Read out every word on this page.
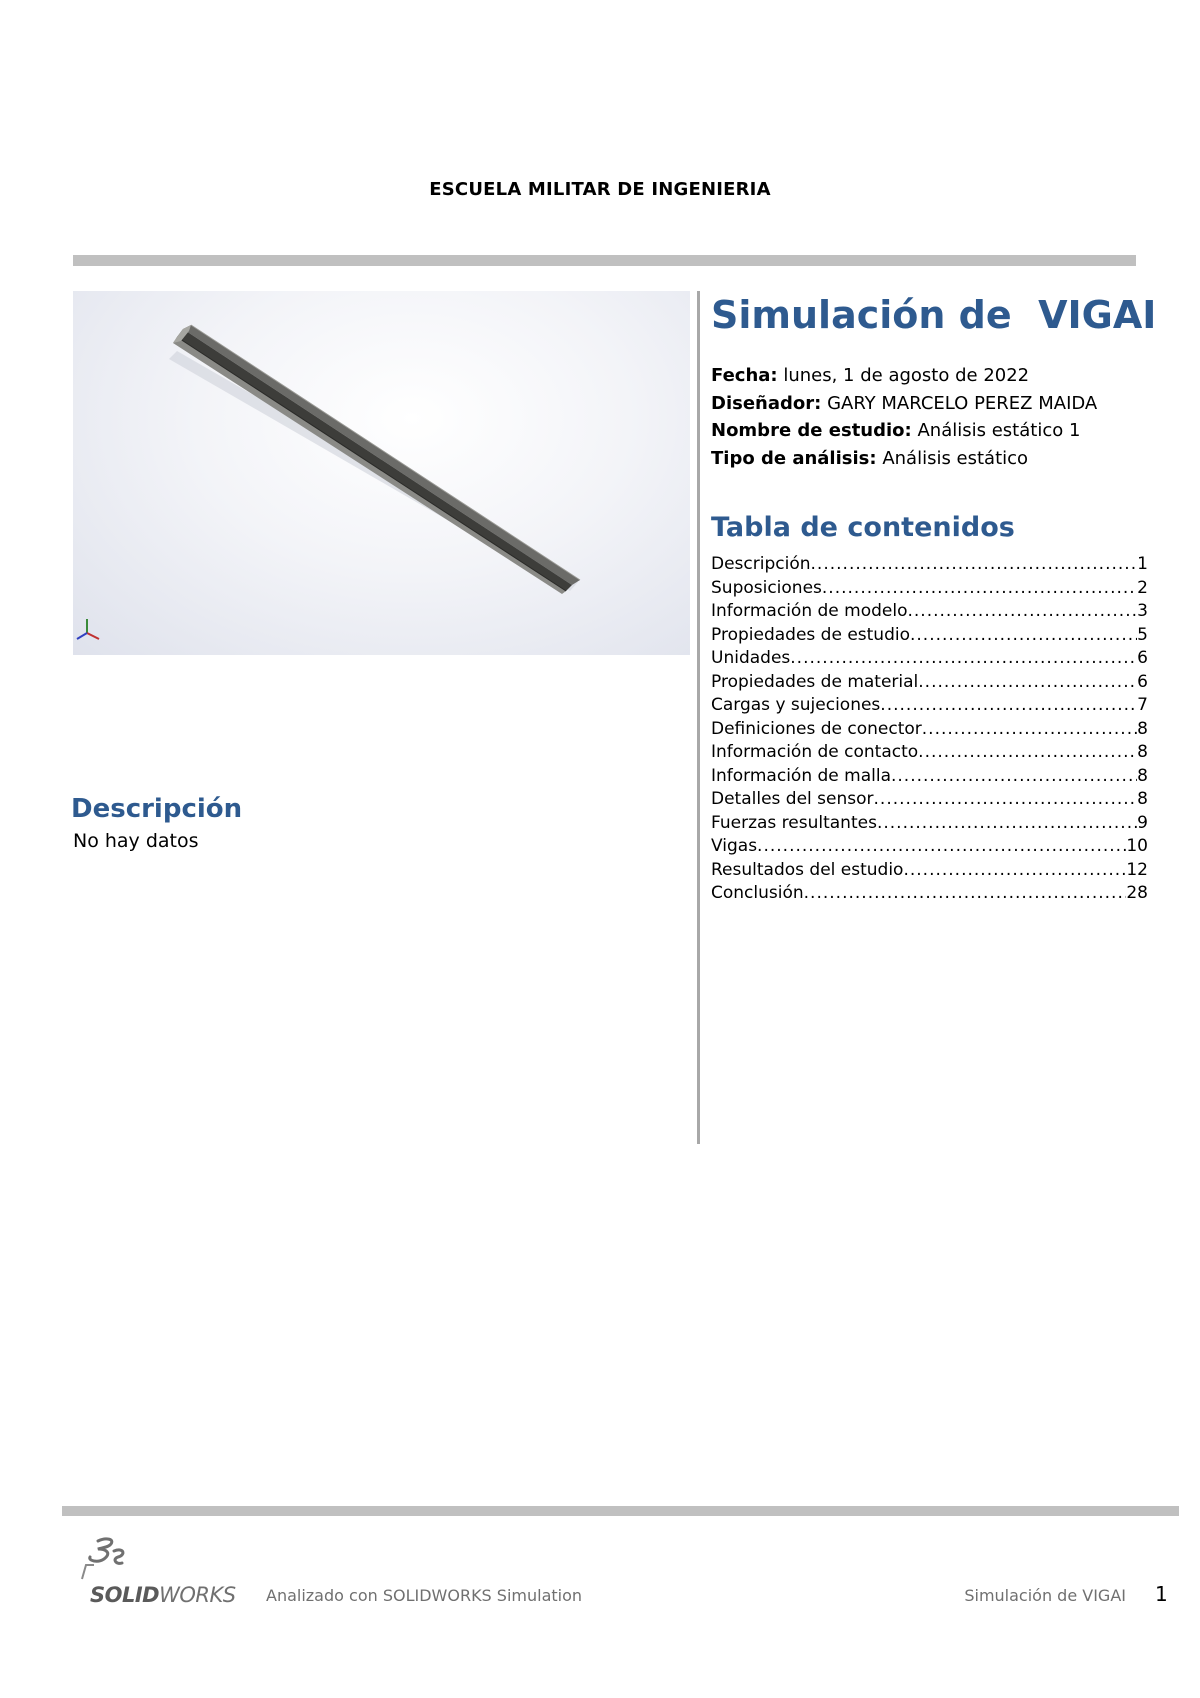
ESCUELA MILITAR DE INGENIERIA
Simulación de  VIGAI
Fecha: lunes, 1 de agosto de 2022
Diseñador: GARY MARCELO PEREZ MAIDA
Nombre de estudio: Análisis estático 1
Tipo de análisis: Análisis estático
Tabla de contenidos
Descripción .....	1
Suposiciones .....	2
Información de modelo .....	3
Propiedades de estudio .....	5
Unidades .....	6
Propiedades de material .....	6
Cargas y sujeciones .....	7
Definiciones de conector .....	8
Información de contacto .....	8
Información de malla .....	8
Detalles del sensor .....	8
Fuerzas resultantes .....	9
Vigas .....	10
Resultados del estudio .....	12
Conclusión .....	28
Descripción
No hay datos
SOLIDWORKS Analizado con SOLIDWORKS Simulation	Simulación de VIGAI 1
